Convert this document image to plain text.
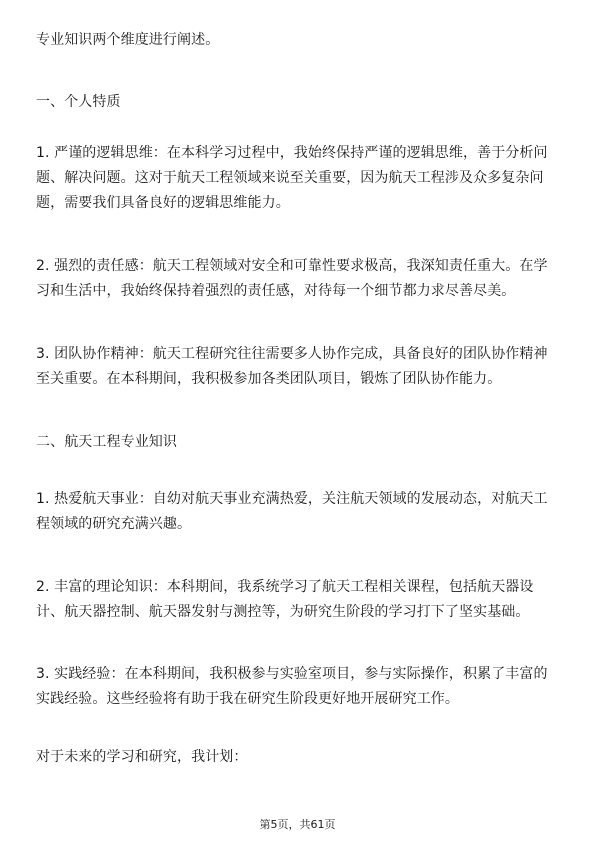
专业知识两个维度进行阐述。

一、个人特质

1. 严谨的逻辑思维：在本科学习过程中，我始终保持严谨的逻辑思维，善于分析问
题、解决问题。这对于航天工程领域来说至关重要，因为航天工程涉及众多复杂问
题，需要我们具备良好的逻辑思维能力。

2. 强烈的责任感：航天工程领域对安全和可靠性要求极高，我深知责任重大。在学
习和生活中，我始终保持着强烈的责任感，对待每一个细节都力求尽善尽美。

3. 团队协作精神：航天工程研究往往需要多人协作完成，具备良好的团队协作精神
至关重要。在本科期间，我积极参加各类团队项目，锻炼了团队协作能力。

二、航天工程专业知识

1. 热爱航天事业：自幼对航天事业充满热爱，关注航天领域的发展动态，对航天工
程领域的研究充满兴趣。

2. 丰富的理论知识：本科期间，我系统学习了航天工程相关课程，包括航天器设
计、航天器控制、航天器发射与测控等，为研究生阶段的学习打下了坚实基础。

3. 实践经验：在本科期间，我积极参与实验室项目，参与实际操作，积累了丰富的
实践经验。这些经验将有助于我在研究生阶段更好地开展研究工作。

对于未来的学习和研究，我计划：

第5页，共61页
